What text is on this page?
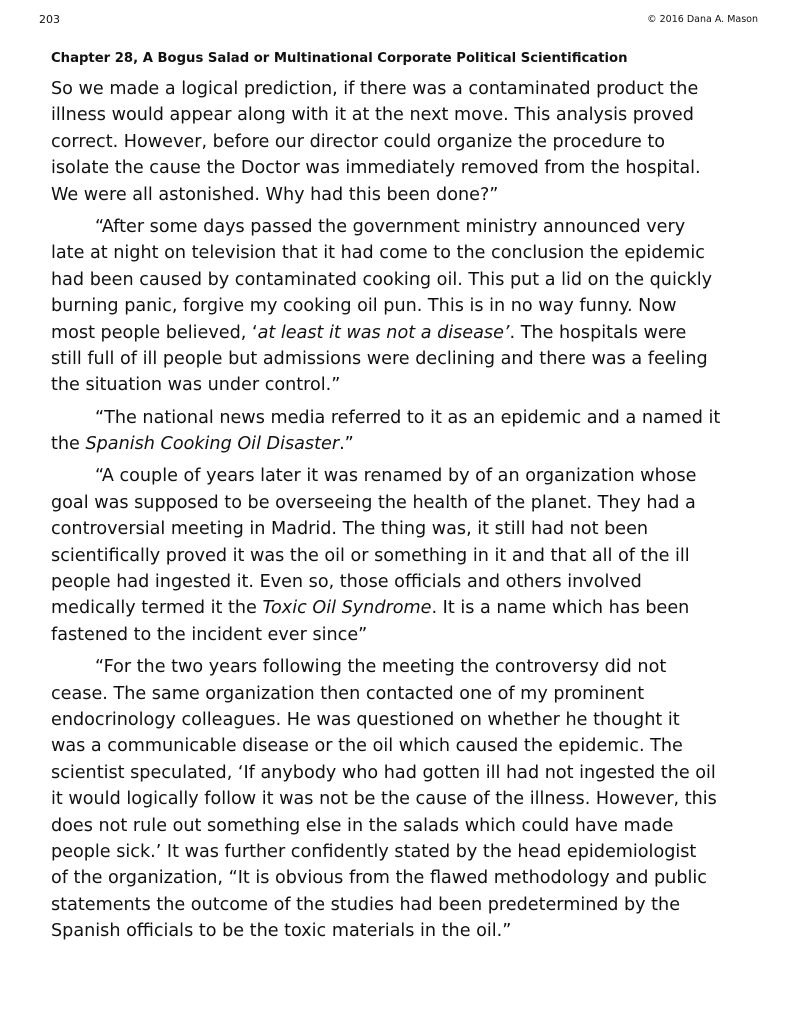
203	© 2016 Dana A. Mason
Chapter 28, A Bogus Salad or Multinational Corporate Political Scientification
So we made a logical prediction, if there was a contaminated product the
illness would appear along with it at the next move. This analysis proved
correct. However, before our director could organize the procedure to
isolate the cause the Doctor was immediately removed from the hospital.
We were all astonished. Why had this been done?”
“After some days passed the government ministry announced very
late at night on television that it had come to the conclusion the epidemic
had been caused by contaminated cooking oil. This put a lid on the quickly
burning panic, forgive my cooking oil pun. This is in no way funny. Now
most people believed, ‘at least it was not a disease’. The hospitals were
still full of ill people but admissions were declining and there was a feeling
the situation was under control.”
“The national news media referred to it as an epidemic and a named it
the Spanish Cooking Oil Disaster.”
“A couple of years later it was renamed by of an organization whose
goal was supposed to be overseeing the health of the planet. They had a
controversial meeting in Madrid. The thing was, it still had not been
scientifically proved it was the oil or something in it and that all of the ill
people had ingested it. Even so, those officials and others involved
medically termed it the Toxic Oil Syndrome. It is a name which has been
fastened to the incident ever since”
“For the two years following the meeting the controversy did not
cease. The same organization then contacted one of my prominent
endocrinology colleagues. He was questioned on whether he thought it
was a communicable disease or the oil which caused the epidemic. The
scientist speculated, ‘If anybody who had gotten ill had not ingested the oil
it would logically follow it was not be the cause of the illness. However, this
does not rule out something else in the salads which could have made
people sick.’ It was further confidently stated by the head epidemiologist
of the organization, “It is obvious from the flawed methodology and public
statements the outcome of the studies had been predetermined by the
Spanish officials to be the toxic materials in the oil.”
